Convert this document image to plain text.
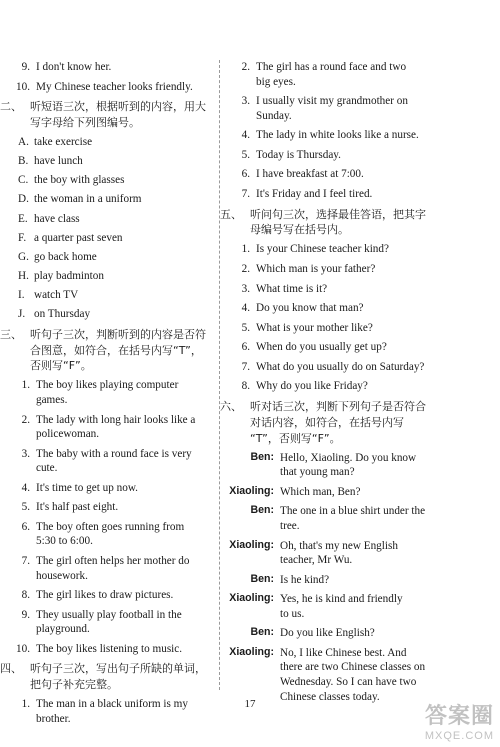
9. I don't know her.
10. My Chinese teacher looks friendly.
二、 听短语三次，根据听到的内容，用大
写字母给下列图编号。
A. take exercise
B. have lunch
C. the boy with glasses
D. the woman in a uniform
E. have class
F. a quarter past seven
G. go back home
H. play badminton
I. watch TV
J. on Thursday
三、 听句子三次，判断听到的内容是否符
合图意，如符合，在括号内写“T”，
否则写“F”。
1. The boy likes playing computer
games.
2. The lady with long hair looks like a
policewoman.
3. The baby with a round face is very
cute.
4. It's time to get up now.
5. It's half past eight.
6. The boy often goes running from
5:30 to 6:00.
7. The girl often helps her mother do
housework.
8. The girl likes to draw pictures.
9. They usually play football in the
playground.
10. The boy likes listening to music.
四、 听句子三次，写出句子所缺的单词，
把句子补充完整。
1. The man in a black uniform is my
brother.
2. The girl has a round face and two
big eyes.
3. I usually visit my grandmother on
Sunday.
4. The lady in white looks like a nurse.
5. Today is Thursday.
6. I have breakfast at 7:00.
7. It's Friday and I feel tired.
五、 听问句三次，选择最佳答语，把其字
母编号写在括号内。
1. Is your Chinese teacher kind?
2. Which man is your father?
3. What time is it?
4. Do you know that man?
5. What is your mother like?
6. When do you usually get up?
7. What do you usually do on Saturday?
8. Why do you like Friday?
六、 听对话三次，判断下列句子是否符合
对话内容，如符合，在括号内写
“T”，否则写“F”。
Ben: Hello, Xiaoling. Do you know
that young man?
Xiaoling: Which man, Ben?
Ben: The one in a blue shirt under the
tree.
Xiaoling: Oh, that's my new English
teacher, Mr Wu.
Ben: Is he kind?
Xiaoling: Yes, he is kind and friendly
to us.
Ben: Do you like English?
Xiaoling: No, I like Chinese best. And
there are two Chinese classes on
Wednesday. So I can have two
Chinese classes today.
17	答案圈
MXQE.COM
